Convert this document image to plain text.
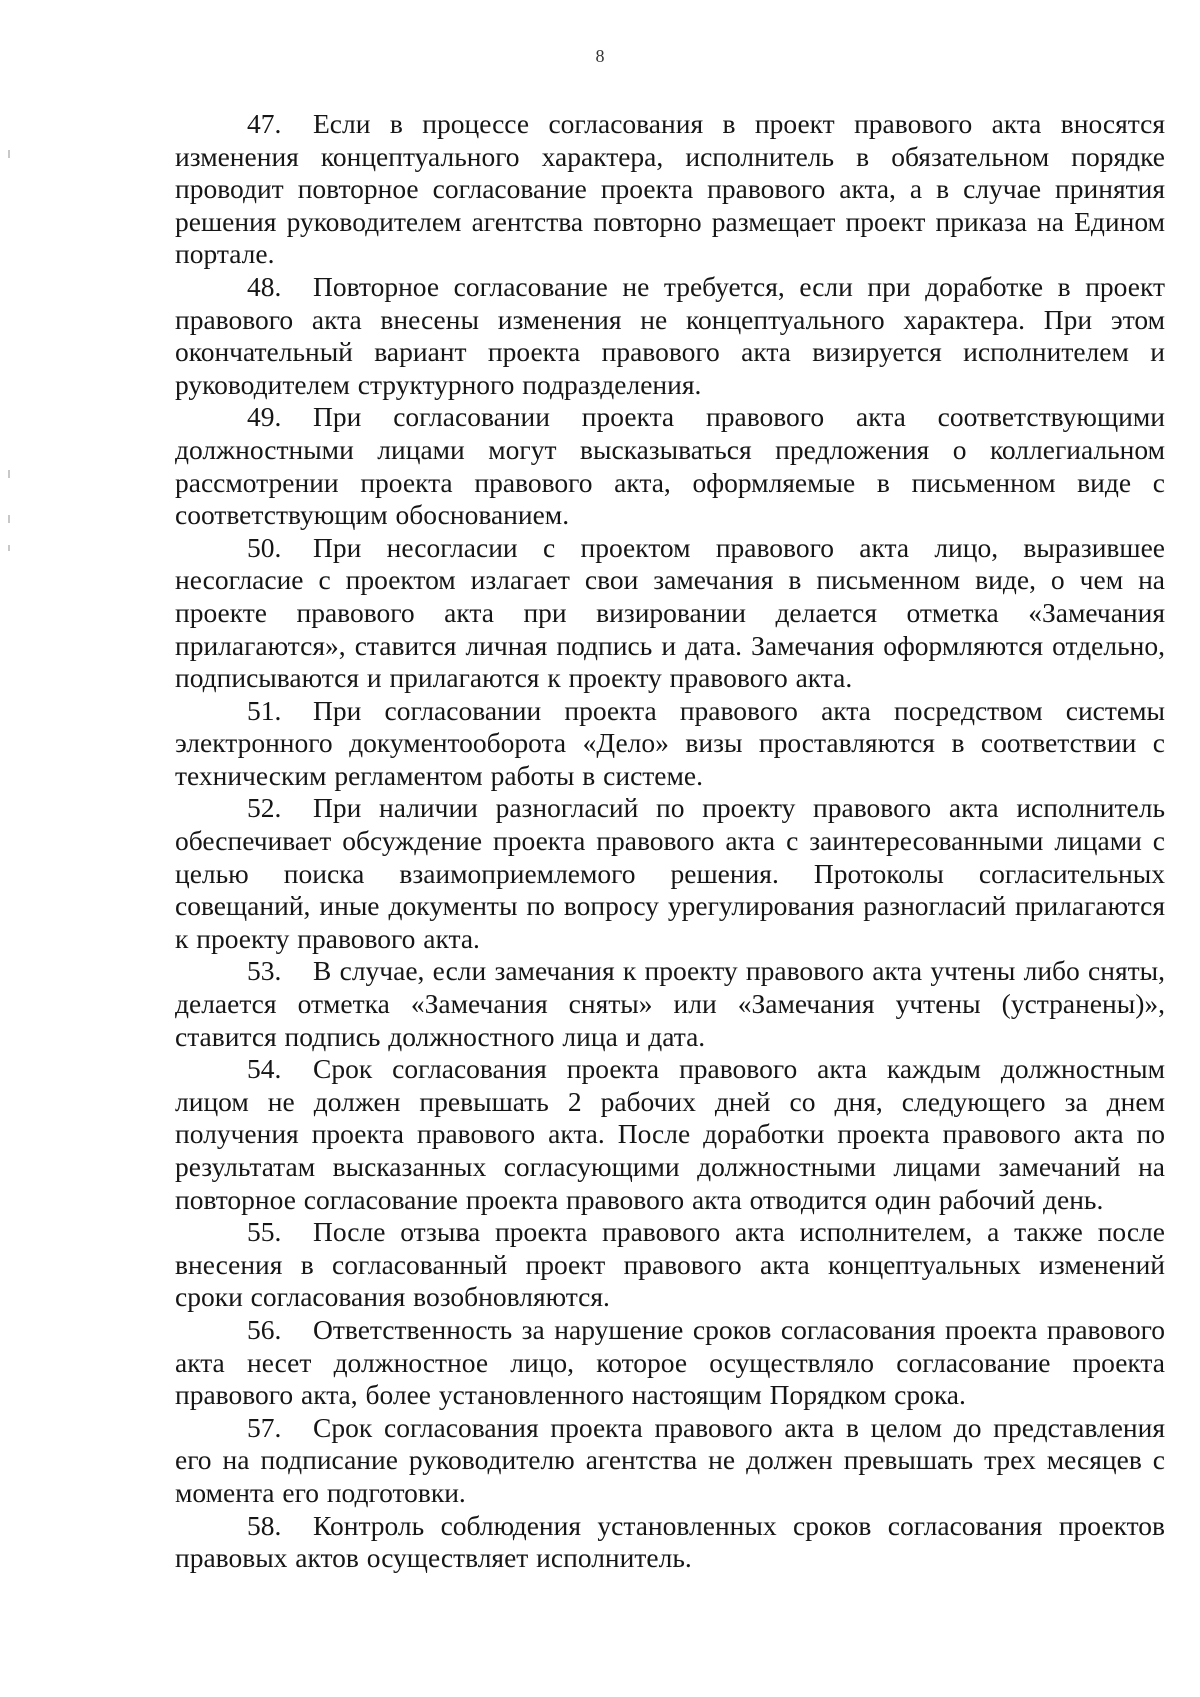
8

47. Если в процессе согласования в проект правового акта вносятся изменения концептуального характера, исполнитель в обязательном порядке проводит повторное согласование проекта правового акта, а в случае принятия решения руководителем агентства повторно размещает проект приказа на Едином портале.

48. Повторное согласование не требуется, если при доработке в проект правового акта внесены изменения не концептуального характера. При этом окончательный вариант проекта правового акта визируется исполнителем и руководителем структурного подразделения.

49. При согласовании проекта правового акта соответствующими должностными лицами могут высказываться предложения о коллегиальном рассмотрении проекта правового акта, оформляемые в письменном виде с соответствующим обоснованием.

50. При несогласии с проектом правового акта лицо, выразившее несогласие с проектом излагает свои замечания в письменном виде, о чем на проекте правового акта при визировании делается отметка «Замечания прилагаются», ставится личная подпись и дата. Замечания оформляются отдельно, подписываются и прилагаются к проекту правового акта.

51. При согласовании проекта правового акта посредством системы электронного документооборота «Дело» визы проставляются в соответствии с техническим регламентом работы в системе.

52. При наличии разногласий по проекту правового акта исполнитель обеспечивает обсуждение проекта правового акта с заинтересованными лицами с целью поиска взаимоприемлемого решения. Протоколы согласительных совещаний, иные документы по вопросу урегулирования разногласий прилагаются к проекту правового акта.

53. В случае, если замечания к проекту правового акта учтены либо сняты, делается отметка «Замечания сняты» или «Замечания учтены (устранены)», ставится подпись должностного лица и дата.

54. Срок согласования проекта правового акта каждым должностным лицом не должен превышать 2 рабочих дней со дня, следующего за днем получения проекта правового акта. После доработки проекта правового акта по результатам высказанных согласующими должностными лицами замечаний на повторное согласование проекта правового акта отводится один рабочий день.

55. После отзыва проекта правового акта исполнителем, а также после внесения в согласованный проект правового акта концептуальных изменений сроки согласования возобновляются.

56. Ответственность за нарушение сроков согласования проекта правового акта несет должностное лицо, которое осуществляло согласование проекта правового акта, более установленного настоящим Порядком срока.

57. Срок согласования проекта правового акта в целом до представления его на подписание руководителю агентства не должен превышать трех месяцев с момента его подготовки.

58. Контроль соблюдения установленных сроков согласования проектов правовых актов осуществляет исполнитель.
